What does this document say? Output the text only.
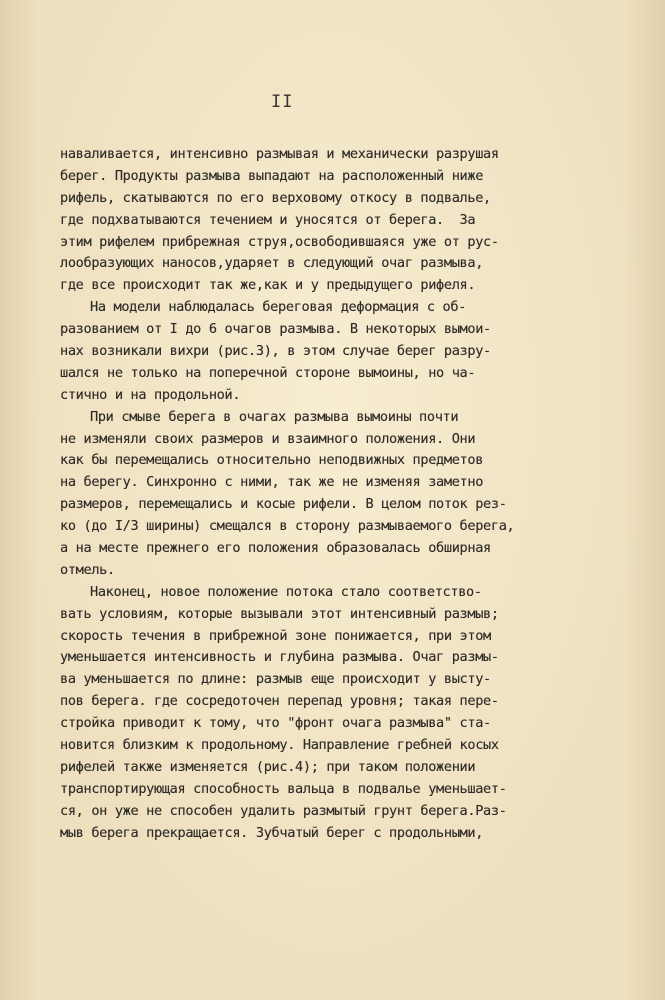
II
наваливается, интенсивно размывая и механически разрушая
берег. Продукты размыва выпадают на расположенный ниже
рифель, скатываются по его верховому откосу в подвалье,
где подхватываются течением и уносятся от берега.  За
этим рифелем прибрежная струя,освободившаяся уже от рус-
лообразующих наносов,ударяет в следующий очаг размыва,
где все происходит так же,как и у предыдущего рифеля.
На модели наблюдалась береговая деформация с об-
разованием от I до 6 очагов размыва. В некоторых вымои-
нах возникали вихри (рис.3), в этом случае берег разру-
шался не только на поперечной стороне вымоины, но ча-
стично и на продольной.
При смыве берега в очагах размыва вымоины почти
не изменяли своих размеров и взаимного положения. Они
как бы перемещались относительно неподвижных предметов
на берегу. Синхронно с ними, так же не изменяя заметно
размеров, перемещались и косые рифели. В целом поток рез-
ко (до I/3 ширины) смещался в сторону размываемого берега,
а на месте прежнего его положения образовалась обширная
отмель.
Наконец, новое положение потока стало соответство-
вать условиям, которые вызывали этот интенсивный размыв;
скорость течения в прибрежной зоне понижается, при этом
уменьшается интенсивность и глубина размыва. Очаг размы-
ва уменьшается по длине: размыв еще происходит у высту-
пов берега. где сосредоточен перепад уровня; такая пере-
стройка приводит к тому, что "фронт очага размыва" ста-
новится близким к продольному. Направление гребней косых
рифелей также изменяется (рис.4); при таком положении
транспортирующая способность вальца в подвалье уменьшает-
ся, он уже не способен удалить размытый грунт берега.Раз-
мыв берега прекращается. Зубчатый берег с продольными,
